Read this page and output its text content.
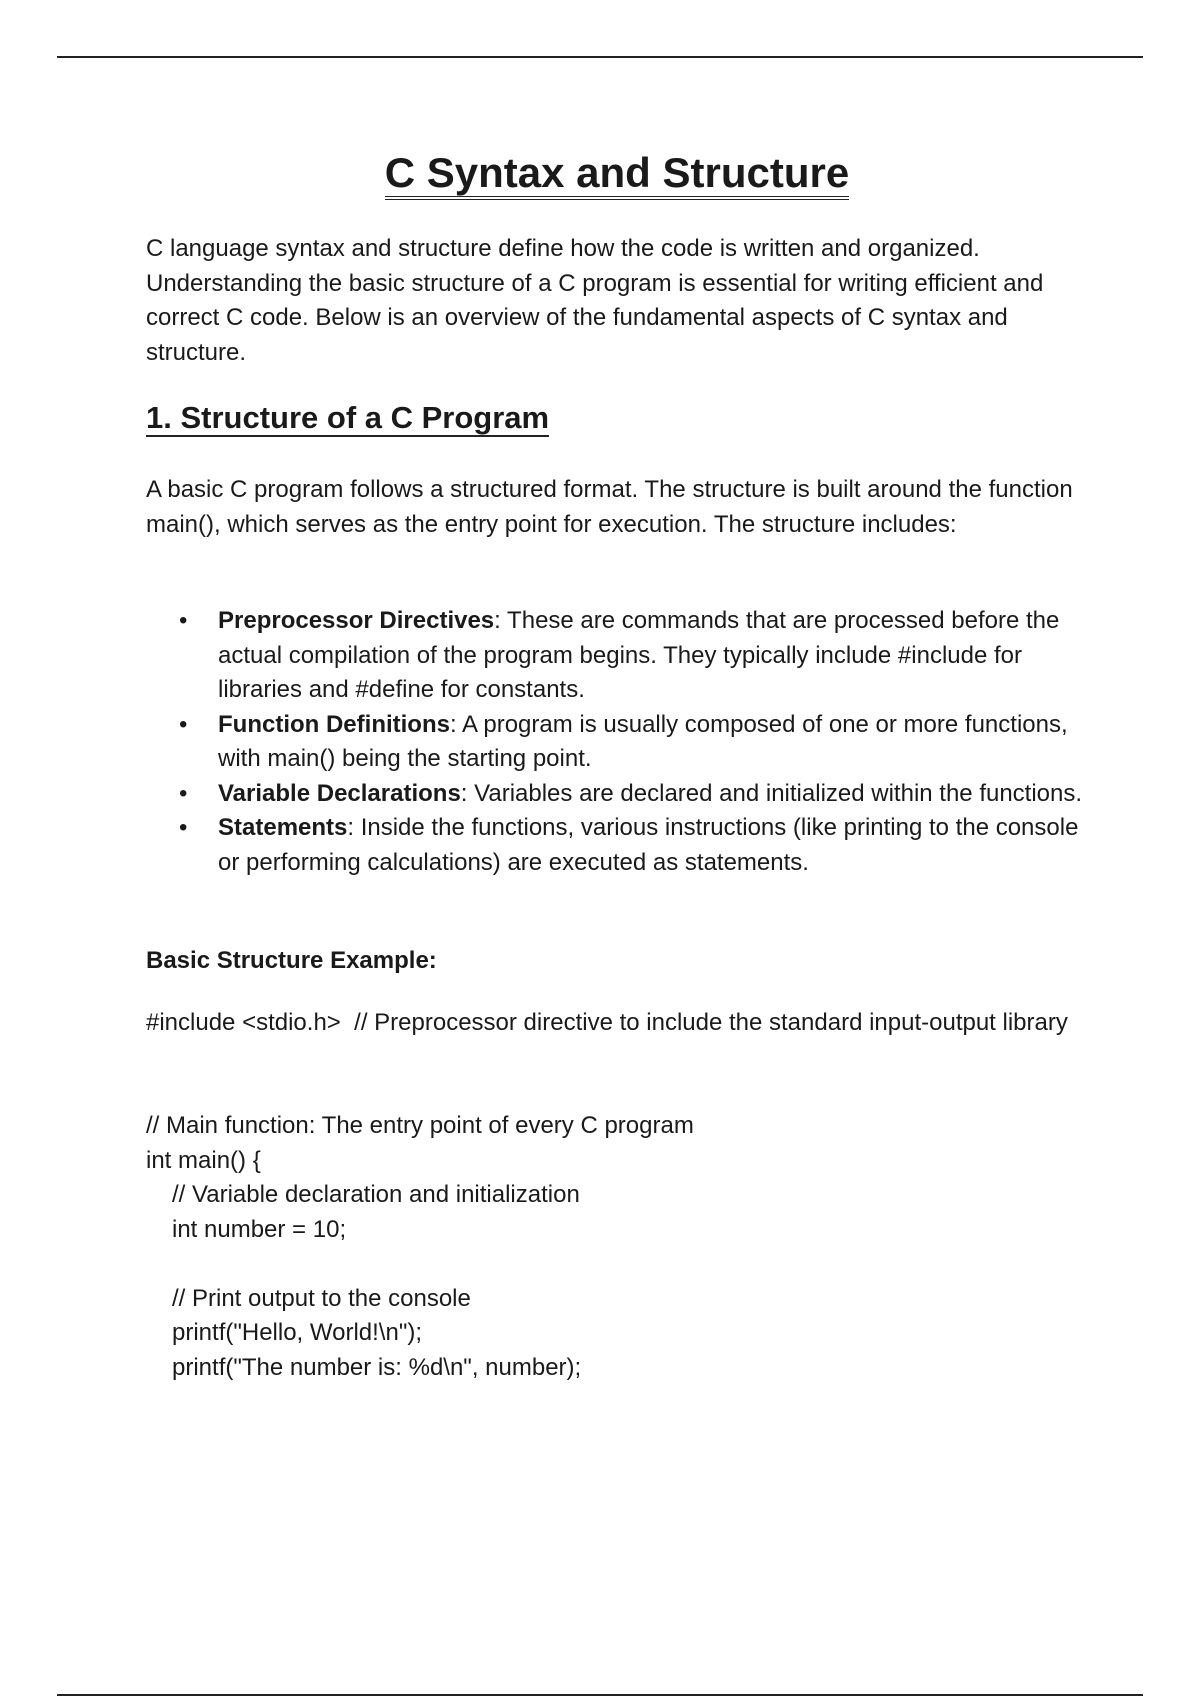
C Syntax and Structure

C language syntax and structure define how the code is written and organized. Understanding the basic structure of a C program is essential for writing efficient and correct C code. Below is an overview of the fundamental aspects of C syntax and structure.

1. Structure of a C Program

A basic C program follows a structured format. The structure is built around the function main(), which serves as the entry point for execution. The structure includes:

• Preprocessor Directives: These are commands that are processed before the actual compilation of the program begins. They typically include #include for libraries and #define for constants.
• Function Definitions: A program is usually composed of one or more functions, with main() being the starting point.
• Variable Declarations: Variables are declared and initialized within the functions.
• Statements: Inside the functions, various instructions (like printing to the console or performing calculations) are executed as statements.

Basic Structure Example:

#include <stdio.h>  // Preprocessor directive to include the standard input-output library
// Main function: The entry point of every C program
int main() {
// Variable declaration and initialization
int number = 10;
// Print output to the console
printf("Hello, World!\n");
printf("The number is: %d\n", number);
